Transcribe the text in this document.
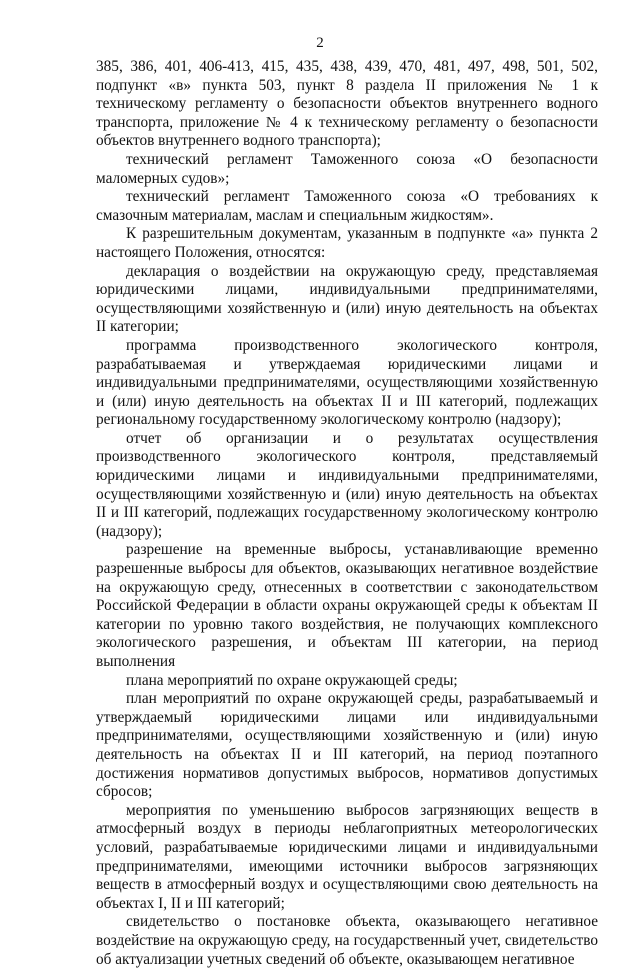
2

385, 386, 401, 406-413, 415, 435, 438, 439, 470, 481, 497, 498, 501, 502, подпункт «в» пункта 503, пункт 8 раздела II приложения № 1 к техническому регламенту о безопасности объектов внутреннего водного транспорта, приложение № 4 к техническому регламенту о безопасности объектов внутреннего водного транспорта);

технический регламент Таможенного союза «О безопасности маломерных судов»;

технический регламент Таможенного союза «О требованиях к смазочным материалам, маслам и специальным жидкостям».

К разрешительным документам, указанным в подпункте «а» пункта 2 настоящего Положения, относятся:

декларация о воздействии на окружающую среду, представляемая юридическими лицами, индивидуальными предпринимателями, осуществляющими хозяйственную и (или) иную деятельность на объектах II категории;

программа производственного экологического контроля, разрабатываемая и утверждаемая юридическими лицами и индивидуальными предпринимателями, осуществляющими хозяйственную и (или) иную деятельность на объектах II и III категорий, подлежащих региональному государственному экологическому контролю (надзору);

отчет об организации и о результатах осуществления производственного экологического контроля, представляемый юридическими лицами и индивидуальными предпринимателями, осуществляющими хозяйственную и (или) иную деятельность на объектах II и III категорий, подлежащих государственному экологическому контролю (надзору);

разрешение на временные выбросы, устанавливающие временно разрешенные выбросы для объектов, оказывающих негативное воздействие на окружающую среду, отнесенных в соответствии с законодательством Российской Федерации в области охраны окружающей среды к объектам II категории по уровню такого воздействия, не получающих комплексного экологического разрешения, и объектам III категории, на период выполнения

плана мероприятий по охране окружающей среды;

план мероприятий по охране окружающей среды, разрабатываемый и утверждаемый юридическими лицами или индивидуальными предпринимателями, осуществляющими хозяйственную и (или) иную деятельность на объектах II и III категорий, на период поэтапного достижения нормативов допустимых выбросов, нормативов допустимых сбросов;

мероприятия по уменьшению выбросов загрязняющих веществ в атмосферный воздух в периоды неблагоприятных метеорологических условий, разрабатываемые юридическими лицами и индивидуальными предпринимателями, имеющими источники выбросов загрязняющих веществ в атмосферный воздух и осуществляющими свою деятельность на объектах I, II и III категорий;

свидетельство о постановке объекта, оказывающего негативное воздействие на окружающую среду, на государственный учет, свидетельство об актуализации учетных сведений об объекте, оказывающем негативное
